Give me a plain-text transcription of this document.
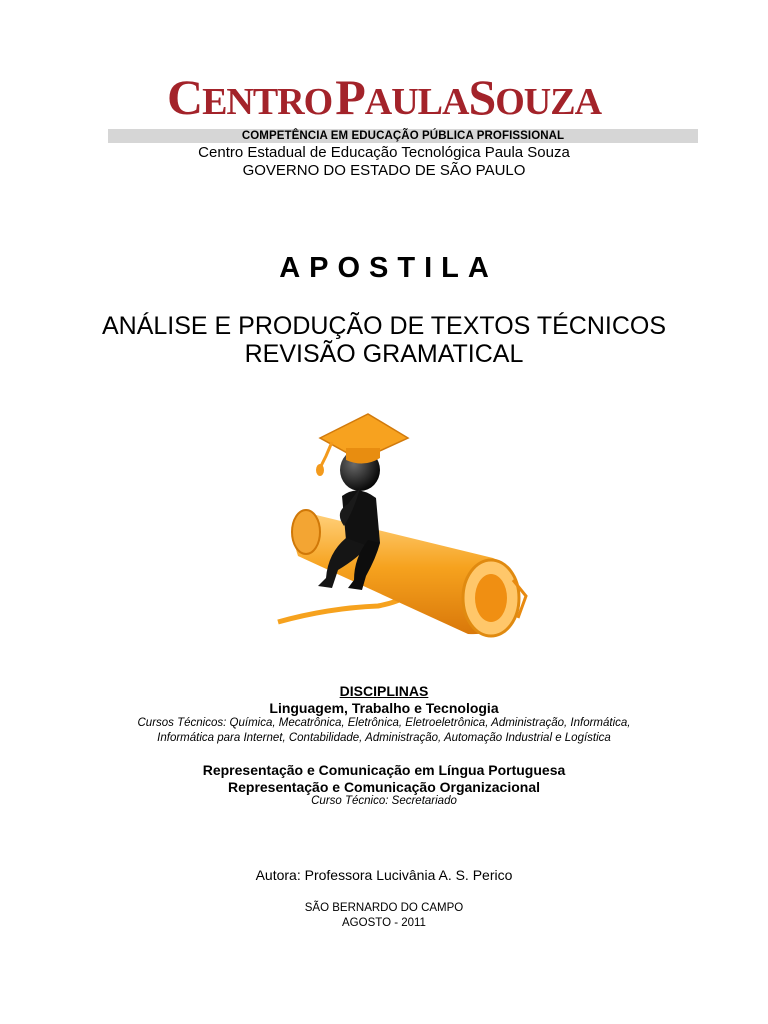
CENTRO PAULASOUZA
COMPETÊNCIA EM EDUCAÇÃO PÚBLICA PROFISSIONAL
Centro Estadual de Educação Tecnológica Paula Souza
GOVERNO DO ESTADO DE SÃO PAULO
APOSTILA
ANÁLISE E PRODUÇÃO DE TEXTOS TÉCNICOS
REVISÃO GRAMATICAL
DISCIPLINAS
Linguagem, Trabalho e Tecnologia
Cursos Técnicos: Química, Mecatrônica, Eletrônica, Eletroeletrônica, Administração, Informática,
Informática para Internet, Contabilidade, Administração, Automação Industrial e Logística
Representação e Comunicação em Língua Portuguesa
Representação e Comunicação Organizacional
Curso Técnico: Secretariado
Autora: Professora Lucivânia A. S. Perico
SÃO BERNARDO DO CAMPO
AGOSTO - 2011
